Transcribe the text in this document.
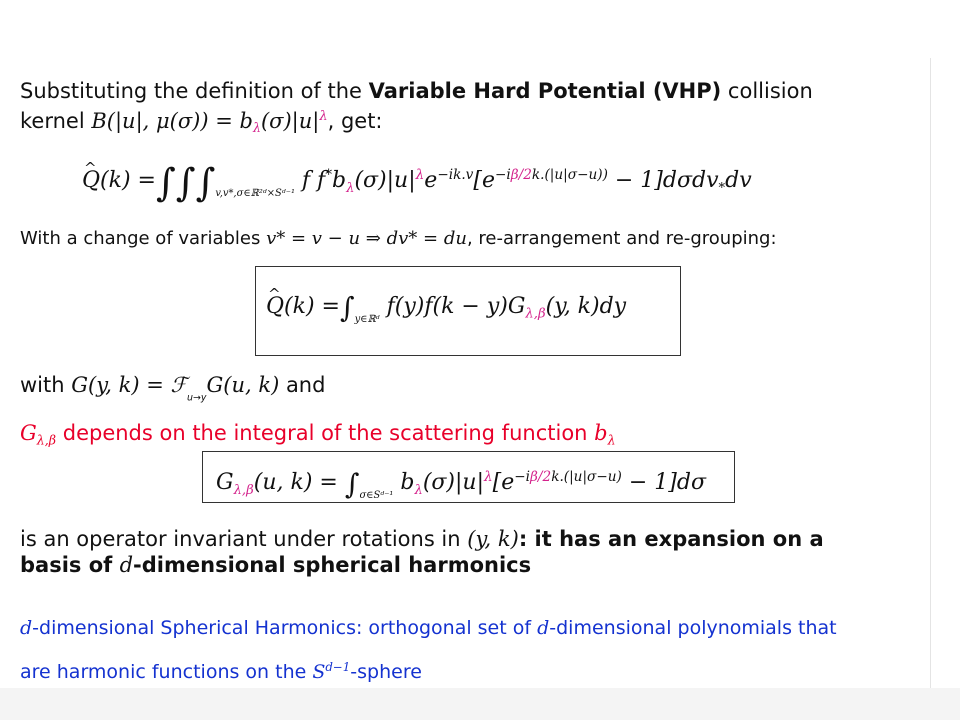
Substituting the definition of the Variable Hard Potential (VHP) collision
kernel B(|u|, $\mu(\sigma)) = b_\lambda(\sigma)|u|^\lambda$, get:
^ $Q(k) =\int\int\int_{v,v*,\sigma\in ℝ^2ᵈ\times Sᵈ^{-1}}$ f $f^*b_\lambda(\sigma)|u|^\lambda e^{-ik.v}[e^{-i\beta/2k.(|u|\sigma-u))} - 1]d\sigma dv_*dv$
With a change of variables v* = v − u ⇒ dv* = du, re-arrangement and re-grouping:
^ $Q(k) =\int_{y\in ℝᵈ}$ $f(y)f(k - y)G_{\lambda,\beta}(y$, k)dy
with G(y, k) = ℱ$_{u\to y}$G(u, k) and
$G_{\lambda,\beta}$ depends on the integral of the scattering function $b_\lambda$
$G_{\lambda,\beta}(u$, $k) = \int_{\sigma\in Sᵈ^{-1}}$ $b_\lambda(\sigma)|u|^\lambda[e^{-i\beta/2k.(|u|\sigma-u)} - 1]d\sigma$
is an operator invariant under rotations in (y, k): it has an expansion on a
basis of d-dimensional spherical harmonics
d-dimensional Spherical Harmonics: orthogonal set of d-dimensional polynomials that
are harmonic functions on the $S^{d-1}$-sphere
